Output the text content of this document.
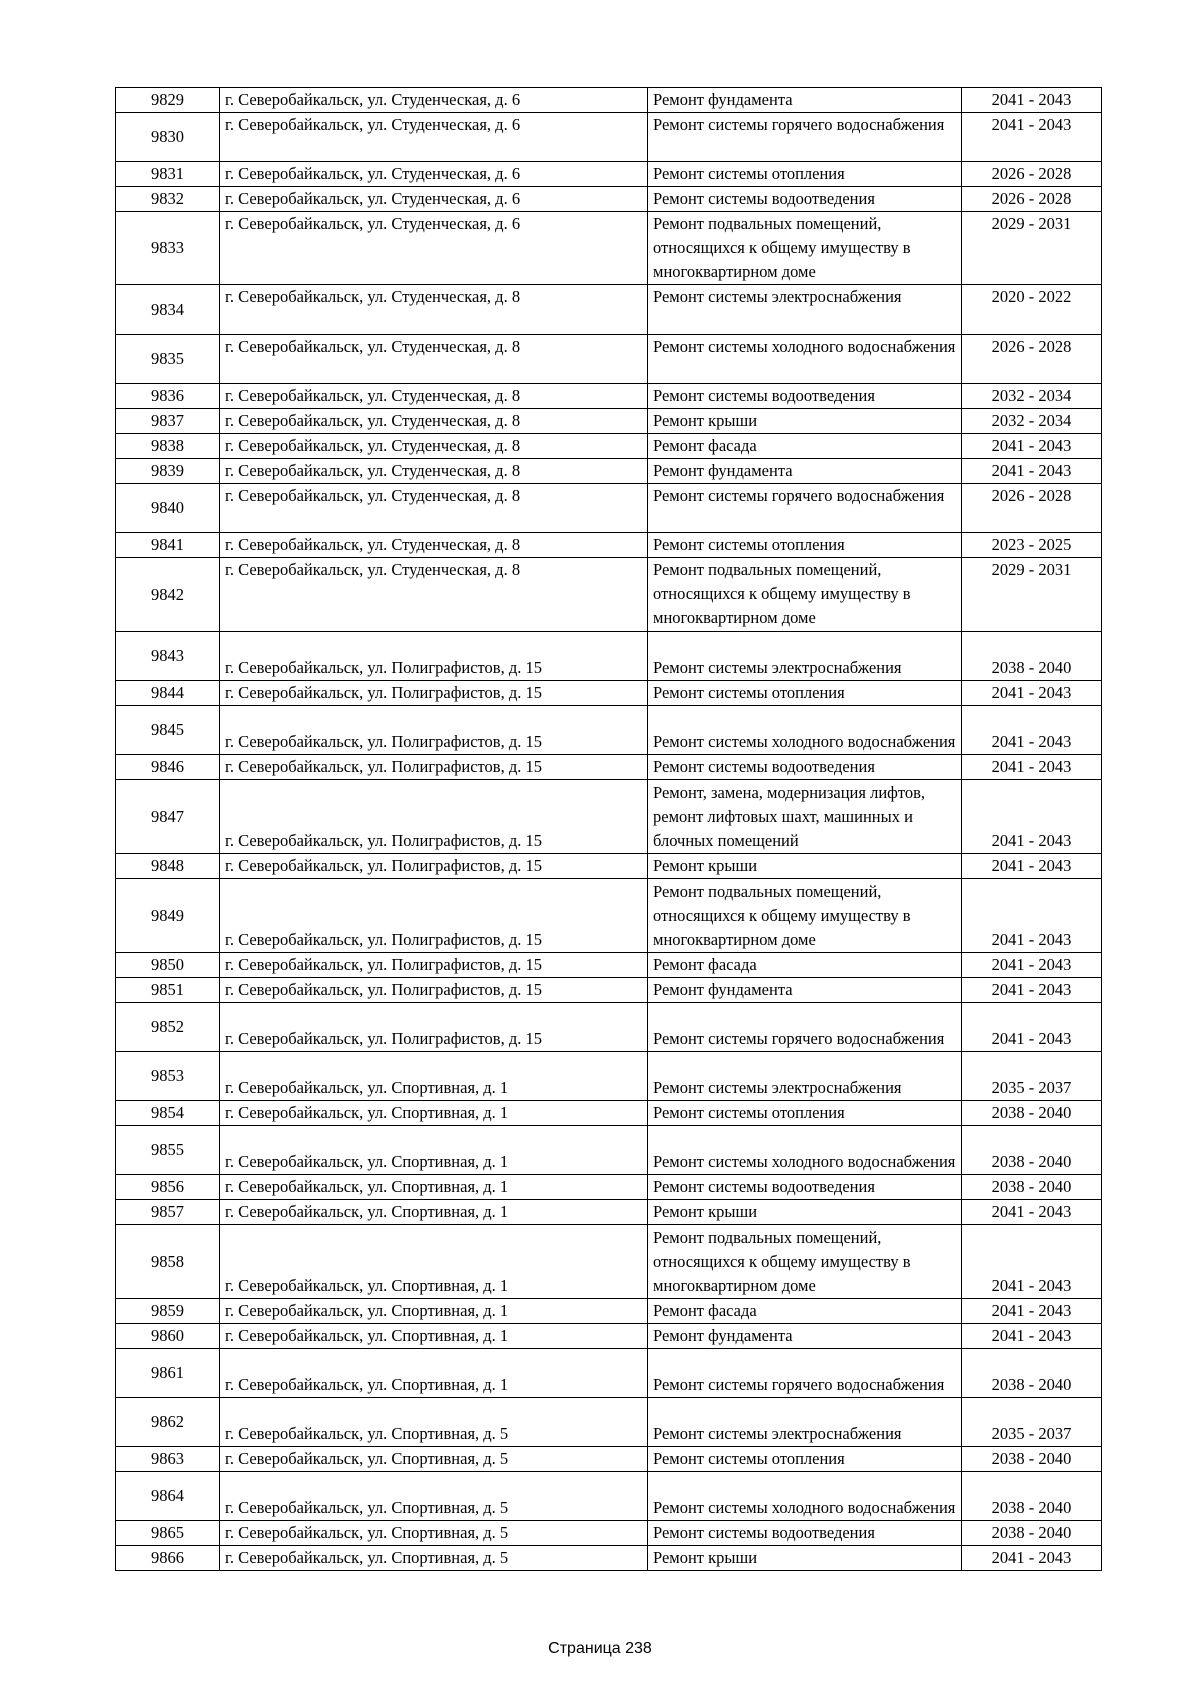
9829	г. Северобайкальск, ул. Студенческая, д. 6	Ремонт фундамента	2041 - 2043
9830	г. Северобайкальск, ул. Студенческая, д. 6	Ремонт системы горячего водоснабжения	2041 - 2043
9831	г. Северобайкальск, ул. Студенческая, д. 6	Ремонт системы отопления	2026 - 2028
9832	г. Северобайкальск, ул. Студенческая, д. 6	Ремонт системы водоотведения	2026 - 2028
9833	г. Северобайкальск, ул. Студенческая, д. 6	Ремонт подвальных помещений, относящихся к общему имуществу в многоквартирном доме	2029 - 2031
9834	г. Северобайкальск, ул. Студенческая, д. 8	Ремонт системы электроснабжения	2020 - 2022
9835	г. Северобайкальск, ул. Студенческая, д. 8	Ремонт системы холодного водоснабжения	2026 - 2028
9836	г. Северобайкальск, ул. Студенческая, д. 8	Ремонт системы водоотведения	2032 - 2034
9837	г. Северобайкальск, ул. Студенческая, д. 8	Ремонт крыши	2032 - 2034
9838	г. Северобайкальск, ул. Студенческая, д. 8	Ремонт фасада	2041 - 2043
9839	г. Северобайкальск, ул. Студенческая, д. 8	Ремонт фундамента	2041 - 2043
9840	г. Северобайкальск, ул. Студенческая, д. 8	Ремонт системы горячего водоснабжения	2026 - 2028
9841	г. Северобайкальск, ул. Студенческая, д. 8	Ремонт системы отопления	2023 - 2025
9842	г. Северобайкальск, ул. Студенческая, д. 8	Ремонт подвальных помещений, относящихся к общему имуществу в многоквартирном доме	2029 - 2031
9843	г. Северобайкальск, ул. Полиграфистов, д. 15	Ремонт системы электроснабжения	2038 - 2040
9844	г. Северобайкальск, ул. Полиграфистов, д. 15	Ремонт системы отопления	2041 - 2043
9845	г. Северобайкальск, ул. Полиграфистов, д. 15	Ремонт системы холодного водоснабжения	2041 - 2043
9846	г. Северобайкальск, ул. Полиграфистов, д. 15	Ремонт системы водоотведения	2041 - 2043
9847	г. Северобайкальск, ул. Полиграфистов, д. 15	Ремонт, замена, модернизация лифтов, ремонт лифтовых шахт, машинных и блочных помещений	2041 - 2043
9848	г. Северобайкальск, ул. Полиграфистов, д. 15	Ремонт крыши	2041 - 2043
9849	г. Северобайкальск, ул. Полиграфистов, д. 15	Ремонт подвальных помещений, относящихся к общему имуществу в многоквартирном доме	2041 - 2043
9850	г. Северобайкальск, ул. Полиграфистов, д. 15	Ремонт фасада	2041 - 2043
9851	г. Северобайкальск, ул. Полиграфистов, д. 15	Ремонт фундамента	2041 - 2043
9852	г. Северобайкальск, ул. Полиграфистов, д. 15	Ремонт системы горячего водоснабжения	2041 - 2043
9853	г. Северобайкальск, ул. Спортивная, д. 1	Ремонт системы электроснабжения	2035 - 2037
9854	г. Северобайкальск, ул. Спортивная, д. 1	Ремонт системы отопления	2038 - 2040
9855	г. Северобайкальск, ул. Спортивная, д. 1	Ремонт системы холодного водоснабжения	2038 - 2040
9856	г. Северобайкальск, ул. Спортивная, д. 1	Ремонт системы водоотведения	2038 - 2040
9857	г. Северобайкальск, ул. Спортивная, д. 1	Ремонт крыши	2041 - 2043
9858	г. Северобайкальск, ул. Спортивная, д. 1	Ремонт подвальных помещений, относящихся к общему имуществу в многоквартирном доме	2041 - 2043
9859	г. Северобайкальск, ул. Спортивная, д. 1	Ремонт фасада	2041 - 2043
9860	г. Северобайкальск, ул. Спортивная, д. 1	Ремонт фундамента	2041 - 2043
9861	г. Северобайкальск, ул. Спортивная, д. 1	Ремонт системы горячего водоснабжения	2038 - 2040
9862	г. Северобайкальск, ул. Спортивная, д. 5	Ремонт системы электроснабжения	2035 - 2037
9863	г. Северобайкальск, ул. Спортивная, д. 5	Ремонт системы отопления	2038 - 2040
9864	г. Северобайкальск, ул. Спортивная, д. 5	Ремонт системы холодного водоснабжения	2038 - 2040
9865	г. Северобайкальск, ул. Спортивная, д. 5	Ремонт системы водоотведения	2038 - 2040
9866	г. Северобайкальск, ул. Спортивная, д. 5	Ремонт крыши	2041 - 2043
Страница 238
